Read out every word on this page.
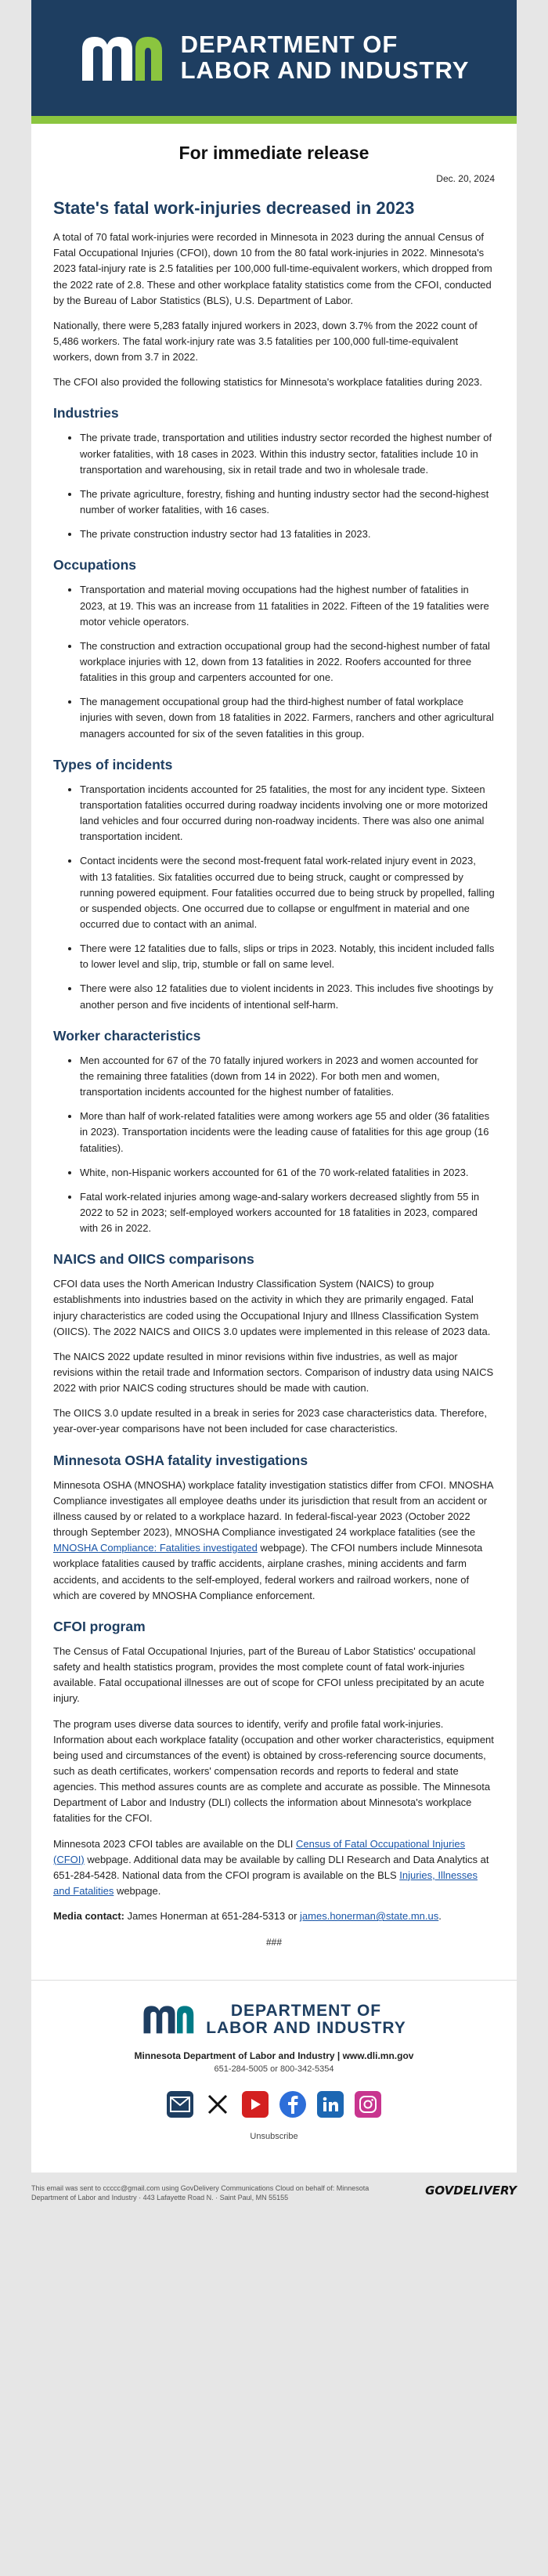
DEPARTMENT OF
LABOR AND INDUSTRY
For immediate release
Dec. 20, 2024
State's fatal work-injuries decreased in 2023

A total of 70 fatal work-injuries were recorded in Minnesota in 2023 during the annual Census of Fatal Occupational Injuries (CFOI), down 10 from the 80 fatal work-injuries in 2022. Minnesota's 2023 fatal-injury rate is 2.5 fatalities per 100,000 full-time-equivalent workers, which dropped from the 2022 rate of 2.8. These and other workplace fatality statistics come from the CFOI, conducted by the Bureau of Labor Statistics (BLS), U.S. Department of Labor.

Nationally, there were 5,283 fatally injured workers in 2023, down 3.7% from the 2022 count of 5,486 workers. The fatal work-injury rate was 3.5 fatalities per 100,000 full-time-equivalent workers, down from 3.7 in 2022.

The CFOI also provided the following statistics for Minnesota's workplace fatalities during 2023.

Industries
• The private trade, transportation and utilities industry sector recorded the highest number of worker fatalities, with 18 cases in 2023. Within this industry sector, fatalities include 10 in transportation and warehousing, six in retail trade and two in wholesale trade.
• The private agriculture, forestry, fishing and hunting industry sector had the second-highest number of worker fatalities, with 16 cases.
• The private construction industry sector had 13 fatalities in 2023.
Occupations
• Transportation and material moving occupations had the highest number of fatalities in 2023, at 19. This was an increase from 11 fatalities in 2022. Fifteen of the 19 fatalities were motor vehicle operators.
• The construction and extraction occupational group had the second-highest number of fatal workplace injuries with 12, down from 13 fatalities in 2022. Roofers accounted for three fatalities in this group and carpenters accounted for one.
• The management occupational group had the third-highest number of fatal workplace injuries with seven, down from 18 fatalities in 2022. Farmers, ranchers and other agricultural managers accounted for six of the seven fatalities in this group.
Types of incidents
• Transportation incidents accounted for 25 fatalities, the most for any incident type. Sixteen transportation fatalities occurred during roadway incidents involving one or more motorized land vehicles and four occurred during non-roadway incidents. There was also one animal transportation incident.
• Contact incidents were the second most-frequent fatal work-related injury event in 2023, with 13 fatalities. Six fatalities occurred due to being struck, caught or compressed by running powered equipment. Four fatalities occurred due to being struck by propelled, falling or suspended objects. One occurred due to collapse or engulfment in material and one occurred due to contact with an animal.
• There were 12 fatalities due to falls, slips or trips in 2023. Notably, this incident included falls to lower level and slip, trip, stumble or fall on same level.
• There were also 12 fatalities due to violent incidents in 2023. This includes five shootings by another person and five incidents of intentional self-harm.
Worker characteristics
• Men accounted for 67 of the 70 fatally injured workers in 2023 and women accounted for the remaining three fatalities (down from 14 in 2022). For both men and women, transportation incidents accounted for the highest number of fatalities.
• More than half of work-related fatalities were among workers age 55 and older (36 fatalities in 2023). Transportation incidents were the leading cause of fatalities for this age group (16 fatalities).
• White, non-Hispanic workers accounted for 61 of the 70 work-related fatalities in 2023.
• Fatal work-related injuries among wage-and-salary workers decreased slightly from 55 in 2022 to 52 in 2023; self-employed workers accounted for 18 fatalities in 2023, compared with 26 in 2022.
NAICS and OIICS comparisons

CFOI data uses the North American Industry Classification System (NAICS) to group establishments into industries based on the activity in which they are primarily engaged. Fatal injury characteristics are coded using the Occupational Injury and Illness Classification System (OIICS). The 2022 NAICS and OIICS 3.0 updates were implemented in this release of 2023 data.

The NAICS 2022 update resulted in minor revisions within five industries, as well as major revisions within the retail trade and Information sectors. Comparison of industry data using NAICS 2022 with prior NAICS coding structures should be made with caution.

The OIICS 3.0 update resulted in a break in series for 2023 case characteristics data. Therefore, year-over-year comparisons have not been included for case characteristics.

Minnesota OSHA fatality investigations

Minnesota OSHA (MNOSHA) workplace fatality investigation statistics differ from CFOI. MNOSHA Compliance investigates all employee deaths under its jurisdiction that result from an accident or illness caused by or related to a workplace hazard. In federal-fiscal-year 2023 (October 2022 through September 2023), MNOSHA Compliance investigated 24 workplace fatalities (see the MNOSHA Compliance: Fatalities investigated webpage). The CFOI numbers include Minnesota workplace fatalities caused by traffic accidents, airplane crashes, mining accidents and farm accidents, and accidents to the self-employed, federal workers and railroad workers, none of which are covered by MNOSHA Compliance enforcement.

CFOI program

The Census of Fatal Occupational Injuries, part of the Bureau of Labor Statistics' occupational safety and health statistics program, provides the most complete count of fatal work-injuries available. Fatal occupational illnesses are out of scope for CFOI unless precipitated by an acute injury.

The program uses diverse data sources to identify, verify and profile fatal work-injuries. Information about each workplace fatality (occupation and other worker characteristics, equipment being used and circumstances of the event) is obtained by cross-referencing source documents, such as death certificates, workers' compensation records and reports to federal and state agencies. This method assures counts are as complete and accurate as possible. The Minnesota Department of Labor and Industry (DLI) collects the information about Minnesota's workplace fatalities for the CFOI.

Minnesota 2023 CFOI tables are available on the DLI Census of Fatal Occupational Injuries (CFOI) webpage. Additional data may be available by calling DLI Research and Data Analytics at 651-284-5428. National data from the CFOI program is available on the BLS Injuries, Illnesses and Fatalities webpage.

Media contact: James Honerman at 651-284-5313 or james.honerman@state.mn.us.

###
DEPARTMENT OF
LABOR AND INDUSTRY
Minnesota Department of Labor and Industry | www.dli.mn.gov
651-284-5005 or 800-342-5354
Unsubscribe
This email was sent to ccccc@gmail.com using GovDelivery Communications Cloud on behalf of: Minnesota Department of Labor and Industry · 443 Lafayette Road N. · Saint Paul, MN 55155
GOVDELIVERY
